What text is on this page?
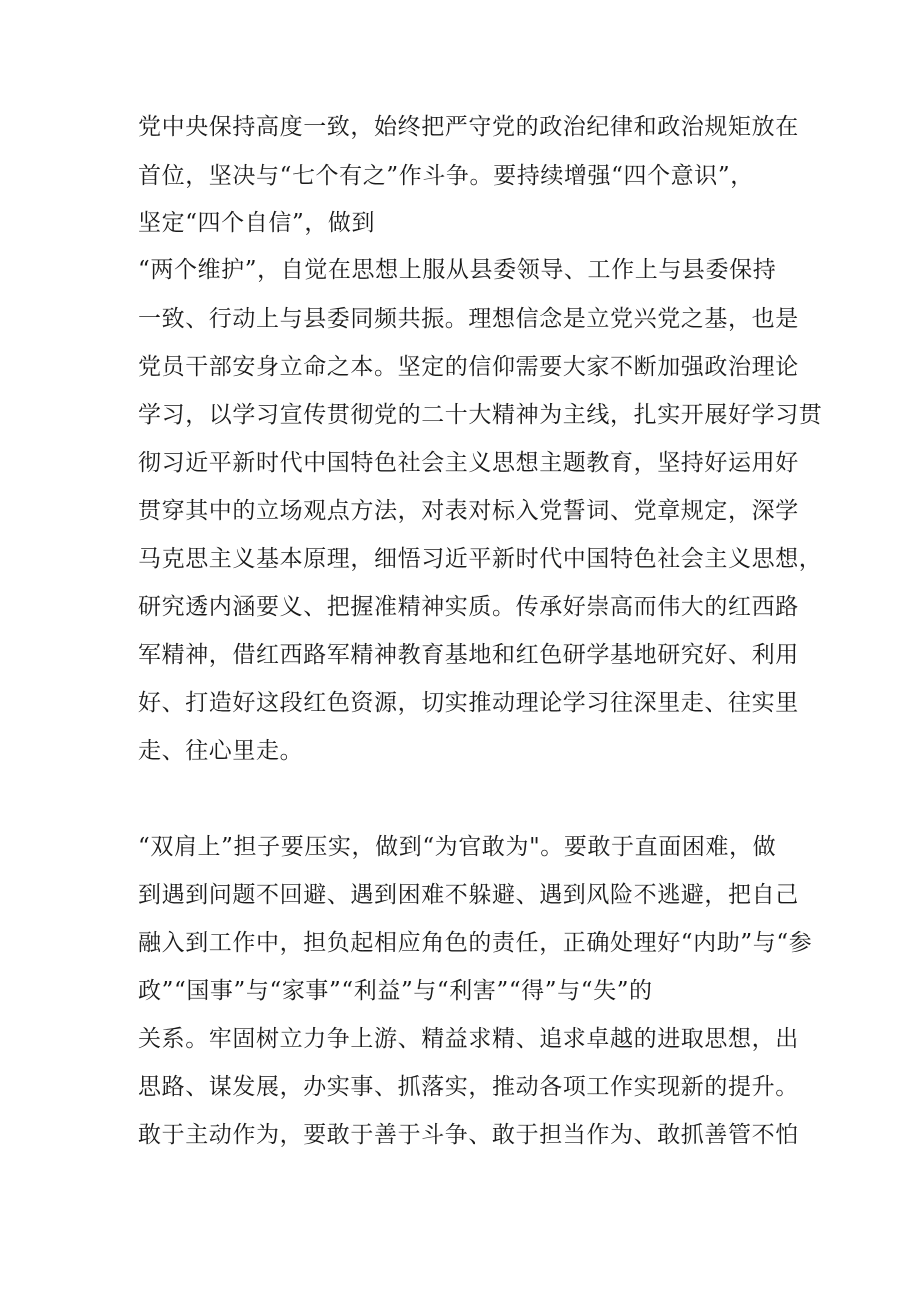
党中央保持高度一致，始终把严守党的政治纪律和政治规矩放在
首位，坚决与“七个有之”作斗争。要持续增强“四个意识”，
坚定“四个自信”，做到
“两个维护”，自觉在思想上服从县委领导、工作上与县委保持
一致、行动上与县委同频共振。理想信念是立党兴党之基，也是
党员干部安身立命之本。坚定的信仰需要大家不断加强政治理论
学习，以学习宣传贯彻党的二十大精神为主线，扎实开展好学习贯
彻习近平新时代中国特色社会主义思想主题教育，坚持好运用好
贯穿其中的立场观点方法，对表对标入党誓词、党章规定，深学
马克思主义基本原理，细悟习近平新时代中国特色社会主义思想，
研究透内涵要义、把握准精神实质。传承好崇高而伟大的红西路
军精神，借红西路军精神教育基地和红色研学基地研究好、利用
好、打造好这段红色资源，切实推动理论学习往深里走、往实里
走、往心里走。
“双肩上”担子要压实，做到“为官敢为"。要敢于直面困难，做
到遇到问题不回避、遇到困难不躲避、遇到风险不逃避，把自己
融入到工作中，担负起相应角色的责任，正确处理好“内助”与“参
政”“国事”与“家事”“利益”与“利害”“得”与“失”的
关系。牢固树立力争上游、精益求精、追求卓越的进取思想，出
思路、谋发展，办实事、抓落实，推动各项工作实现新的提升。
敢于主动作为，要敢于善于斗争、敢于担当作为、敢抓善管不怕
